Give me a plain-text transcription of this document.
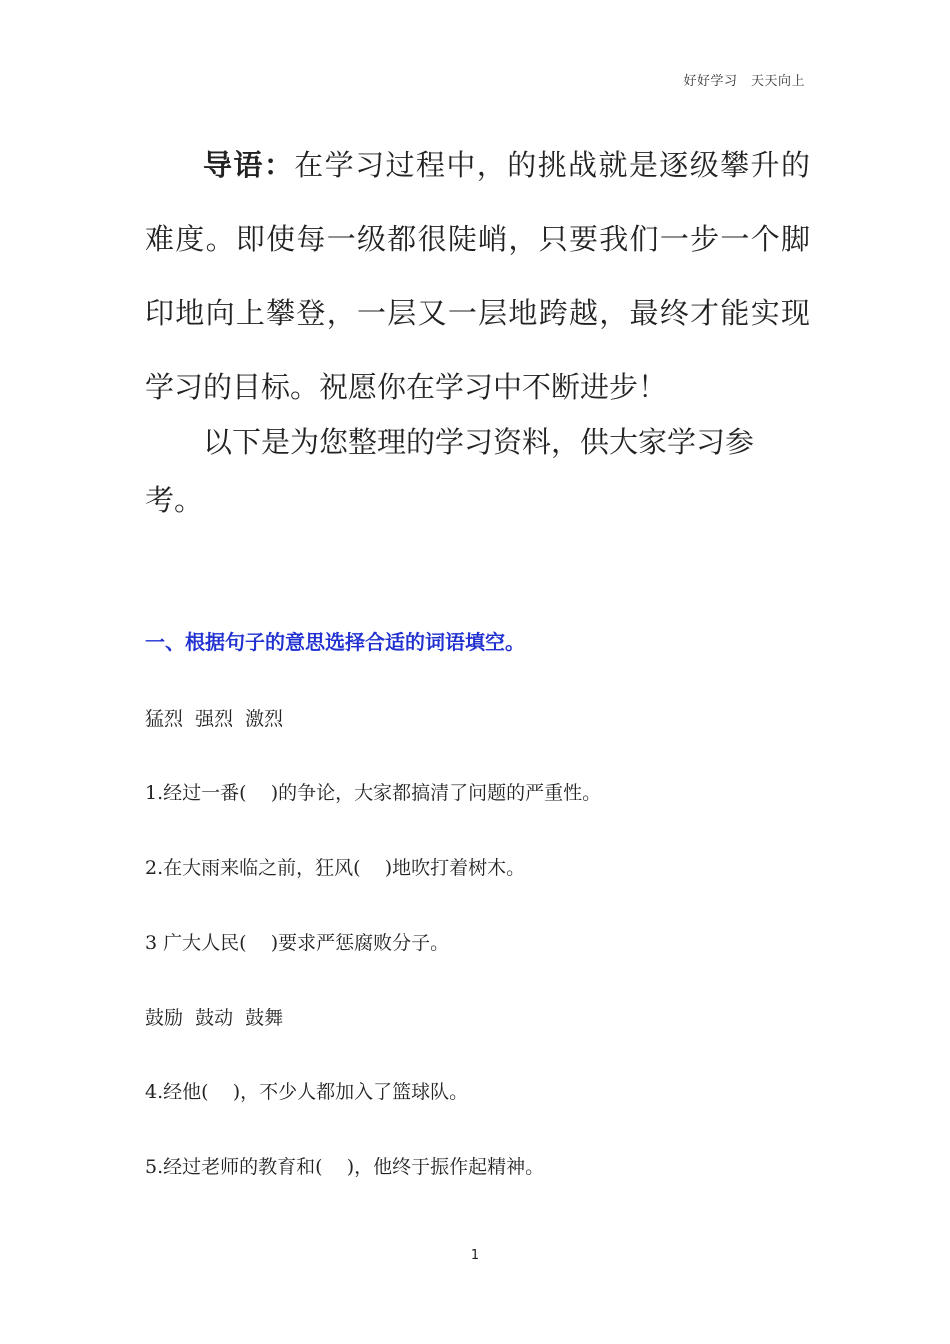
好好学习　天天向上
导语：在学习过程中，的挑战就是逐级攀升的难度。即使每一级都很陡峭，只要我们一步一个脚印地向上攀登，一层又一层地跨越，最终才能实现学习的目标。祝愿你在学习中不断进步！
以下是为您整理的学习资料，供大家学习参考。
一、根据句子的意思选择合适的词语填空。
猛烈  强烈  激烈
1.经过一番(    )的争论，大家都搞清了问题的严重性。
2.在大雨来临之前，狂风(    )地吹打着树木。
3 广大人民(    )要求严惩腐败分子。
鼓励  鼓动  鼓舞
4.经他(    )，不少人都加入了篮球队。
5.经过老师的教育和(    )，他终于振作起精神。
1
